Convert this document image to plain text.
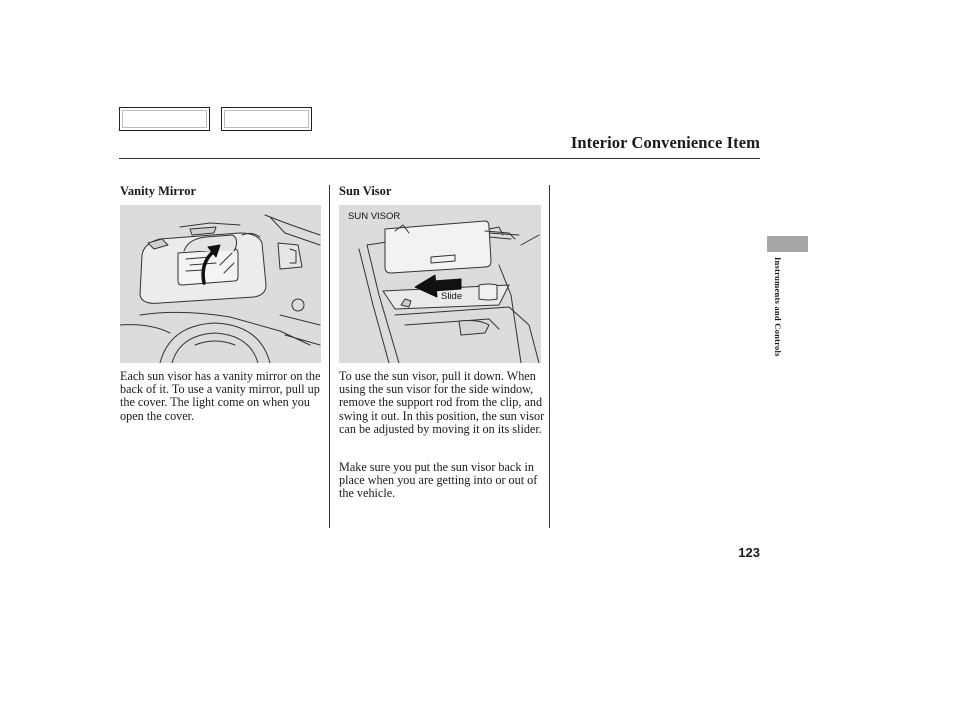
Interior Convenience Item
Vanity Mirror

Each sun visor has a vanity mirror on the back of it. To use a vanity mirror, pull up the cover. The light come on when you open the cover.

Sun Visor
SUN VISOR
Slide

To use the sun visor, pull it down. When using the sun visor for the side window, remove the support rod from the clip, and swing it out. In this position, the sun visor can be adjusted by moving it on its slider.

Make sure you put the sun visor back in place when you are getting into or out of the vehicle.

Instruments and Controls
123
